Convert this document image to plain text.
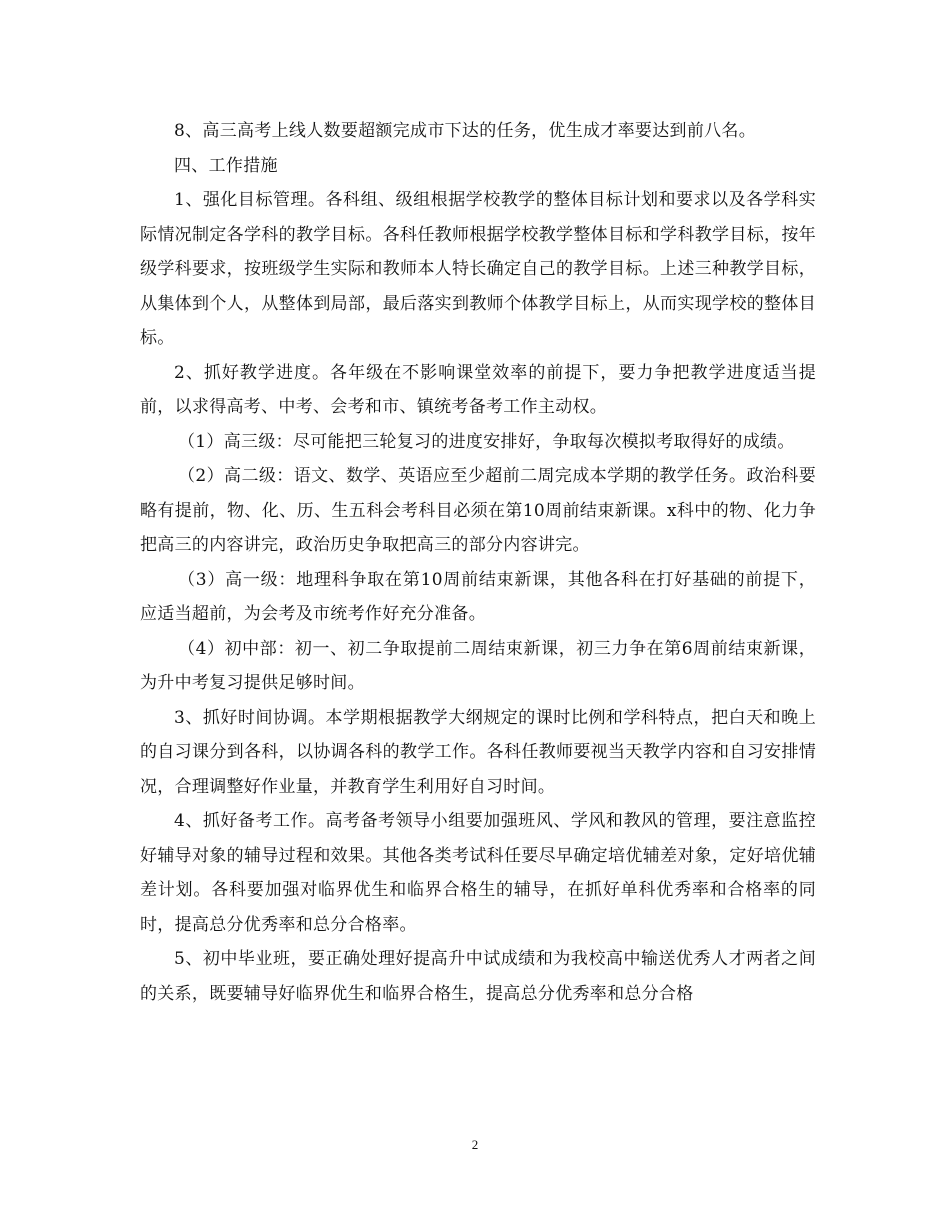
8、高三高考上线人数要超额完成市下达的任务，优生成才率要达到前八名。

四、工作措施

1、强化目标管理。各科组、级组根据学校教学的整体目标计划和要求以及各学科实际情况制定各学科的教学目标。各科任教师根据学校教学整体目标和学科教学目标，按年级学科要求，按班级学生实际和教师本人特长确定自己的教学目标。上述三种教学目标，从集体到个人，从整体到局部，最后落实到教师个体教学目标上，从而实现学校的整体目标。

2、抓好教学进度。各年级在不影响课堂效率的前提下，要力争把教学进度适当提前，以求得高考、中考、会考和市、镇统考备考工作主动权。

（1）高三级：尽可能把三轮复习的进度安排好，争取每次模拟考取得好的成绩。

（2）高二级：语文、数学、英语应至少超前二周完成本学期的教学任务。政治科要略有提前，物、化、历、生五科会考科目必须在第10周前结束新课。x科中的物、化力争把高三的内容讲完，政治历史争取把高三的部分内容讲完。

（3）高一级：地理科争取在第10周前结束新课，其他各科在打好基础的前提下，应适当超前，为会考及市统考作好充分准备。

（4）初中部：初一、初二争取提前二周结束新课，初三力争在第6周前结束新课，为升中考复习提供足够时间。

3、抓好时间协调。本学期根据教学大纲规定的课时比例和学科特点，把白天和晚上的自习课分到各科，以协调各科的教学工作。各科任教师要视当天教学内容和自习安排情况，合理调整好作业量，并教育学生利用好自习时间。

4、抓好备考工作。高考备考领导小组要加强班风、学风和教风的管理，要注意监控好辅导对象的辅导过程和效果。其他各类考试科任要尽早确定培优辅差对象，定好培优辅差计划。各科要加强对临界优生和临界合格生的辅导，在抓好单科优秀率和合格率的同时，提高总分优秀率和总分合格率。

5、初中毕业班，要正确处理好提高升中试成绩和为我校高中输送优秀人才两者之间的关系，既要辅导好临界优生和临界合格生，提高总分优秀率和总分合格

2
